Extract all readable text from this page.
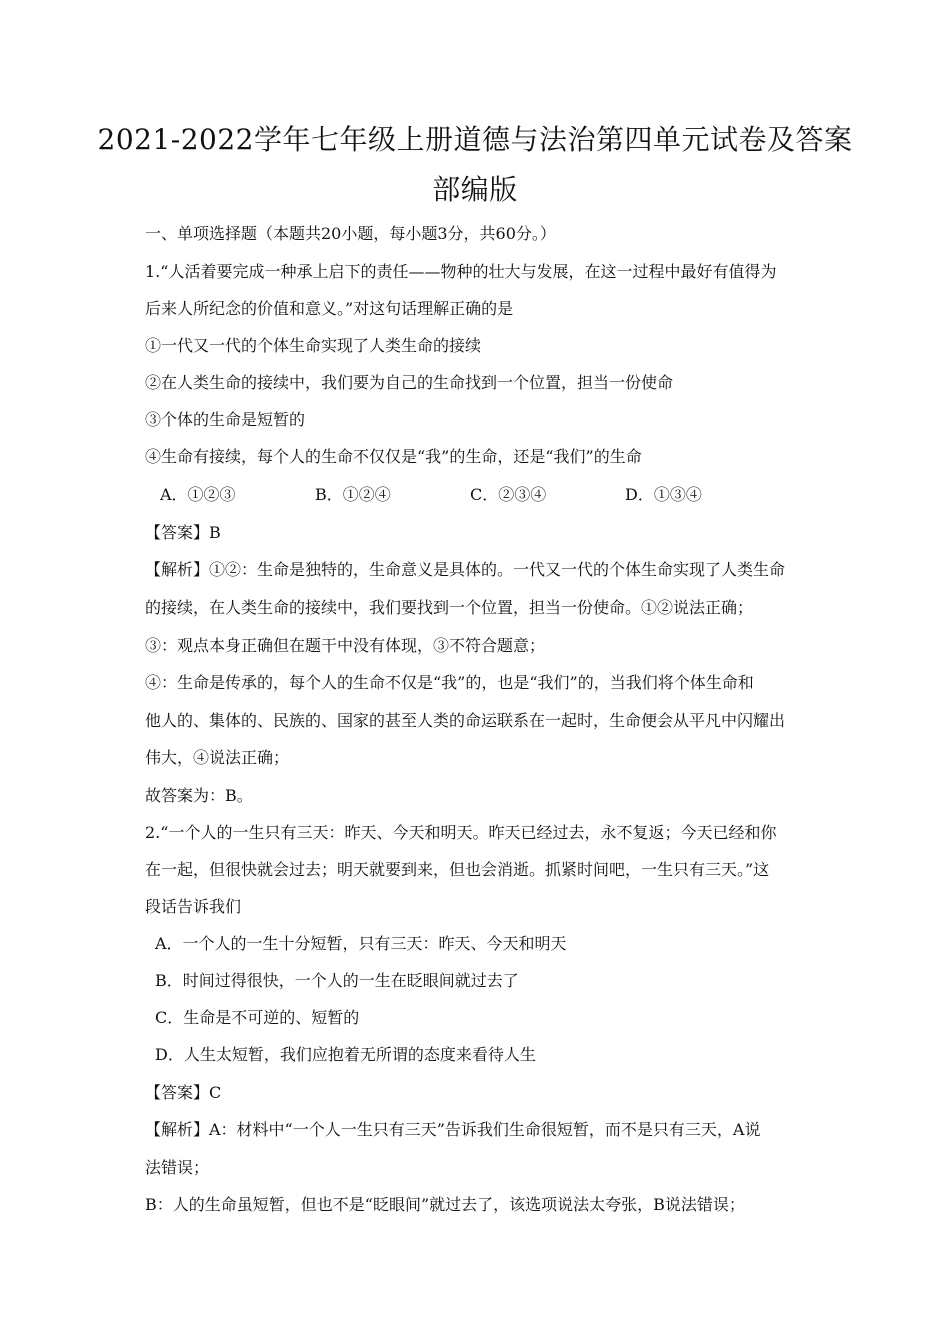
2021-2022学年七年级上册道德与法治第四单元试卷及答案
部编版
一、单项选择题（本题共20小题，每小题3分，共60分。）
1.“人活着要完成一种承上启下的责任——物种的壮大与发展，在这一过程中最好有值得为
后来人所纪念的价值和意义。”对这句话理解正确的是
①一代又一代的个体生命实现了人类生命的接续
②在人类生命的接续中，我们要为自己的生命找到一个位置，担当一份使命
③个体的生命是短暂的
④生命有接续，每个人的生命不仅仅是“我”的生命，还是“我们”的生命
A．①②③	B．①②④	C．②③④	D．①③④
【答案】B
【解析】①②：生命是独特的，生命意义是具体的。一代又一代的个体生命实现了人类生命
的接续，在人类生命的接续中，我们要找到一个位置，担当一份使命。①②说法正确；
③：观点本身正确但在题干中没有体现，③不符合题意；
④：生命是传承的，每个人的生命不仅是“我”的，也是“我们”的，当我们将个体生命和
他人的、集体的、民族的、国家的甚至人类的命运联系在一起时，生命便会从平凡中闪耀出
伟大，④说法正确；
故答案为：B。
2.“一个人的一生只有三天：昨天、今天和明天。昨天已经过去，永不复返；今天已经和你
在一起，但很快就会过去；明天就要到来，但也会消逝。抓紧时间吧，一生只有三天。”这
段话告诉我们
A．一个人的一生十分短暂，只有三天：昨天、今天和明天
B．时间过得很快，一个人的一生在眨眼间就过去了
C．生命是不可逆的、短暂的
D．人生太短暂，我们应抱着无所谓的态度来看待人生
【答案】C
【解析】A：材料中“一个人一生只有三天”告诉我们生命很短暂，而不是只有三天，A说
法错误；
B：人的生命虽短暂，但也不是“眨眼间”就过去了，该选项说法太夸张，B说法错误；
